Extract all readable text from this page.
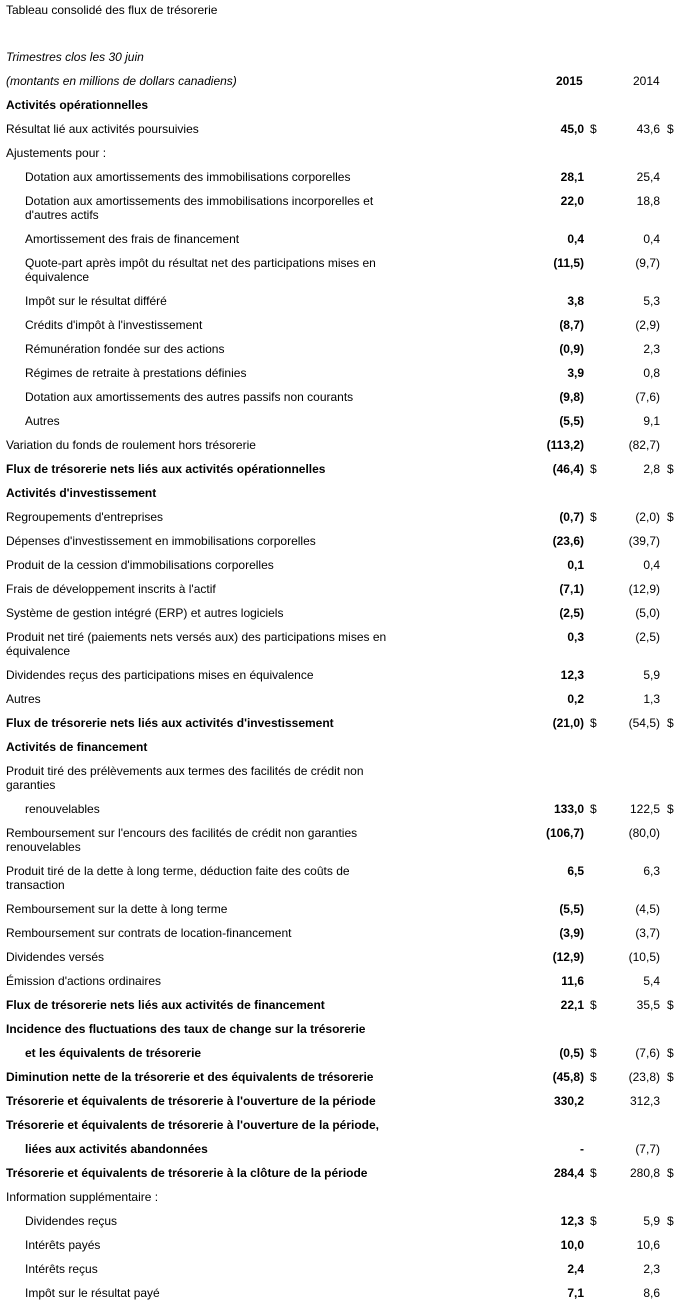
Tableau consolidé des flux de trésorerie
Trimestres clos les 30 juin
(montants en millions de dollars canadiens)	2015	2014
Activités opérationnelles
Résultat lié aux activités poursuivies	45,0 $	43,6 $
Ajustements pour :
Dotation aux amortissements des immobilisations corporelles	28,1	25,4
Dotation aux amortissements des immobilisations incorporelles et d'autres actifs
22,0	18,8
Amortissement des frais de financement	0,4	0,4
Quote-part après impôt du résultat net des participations mises en équivalence
(11,5)	(9,7)
Impôt sur le résultat différé	3,8	5,3
Crédits d'impôt à l'investissement	(8,7)	(2,9)
Rémunération fondée sur des actions	(0,9)	2,3
Régimes de retraite à prestations définies	3,9	0,8
Dotation aux amortissements des autres passifs non courants	(9,8)	(7,6)
Autres	(5,5)	9,1
Variation du fonds de roulement hors trésorerie	(113,2)	(82,7)
Flux de trésorerie nets liés aux activités opérationnelles	(46,4) $	2,8 $
Activités d'investissement
Regroupements d'entreprises	(0,7) $	(2,0) $
Dépenses d'investissement en immobilisations corporelles	(23,6)	(39,7)
Produit de la cession d'immobilisations corporelles	0,1	0,4
Frais de développement inscrits à l'actif	(7,1)	(12,9)
Système de gestion intégré (ERP) et autres logiciels	(2,5)	(5,0)
Produit net tiré (paiements nets versés aux) des participations mises en équivalence
0,3	(2,5)
Dividendes reçus des participations mises en équivalence	12,3	5,9
Autres	0,2	1,3
Flux de trésorerie nets liés aux activités d'investissement	(21,0) $	(54,5) $
Activités de financement
Produit tiré des prélèvements aux termes des facilités de crédit non garanties
renouvelables	133,0 $	122,5 $
Remboursement sur l'encours des facilités de crédit non garanties renouvelables
(106,7)	(80,0)
Produit tiré de la dette à long terme, déduction faite des coûts de transaction
6,5	6,3
Remboursement sur la dette à long terme	(5,5)	(4,5)
Remboursement sur contrats de location-financement	(3,9)	(3,7)
Dividendes versés	(12,9)	(10,5)
Émission d'actions ordinaires	11,6	5,4
Flux de trésorerie nets liés aux activités de financement	22,1 $	35,5 $
Incidence des fluctuations des taux de change sur la trésorerie
et les équivalents de trésorerie	(0,5) $	(7,6) $
Diminution nette de la trésorerie et des équivalents de trésorerie	(45,8) $	(23,8) $
Trésorerie et équivalents de trésorerie à l'ouverture de la période	330,2	312,3
Trésorerie et équivalents de trésorerie à l'ouverture de la période,
liées aux activités abandonnées	-	(7,7)
Trésorerie et équivalents de trésorerie à la clôture de la période	284,4 $	280,8 $
Information supplémentaire :
Dividendes reçus	12,3 $	5,9 $
Intérêts payés	10,0	10,6
Intérêts reçus	2,4	2,3
Impôt sur le résultat payé	7,1	8,6
